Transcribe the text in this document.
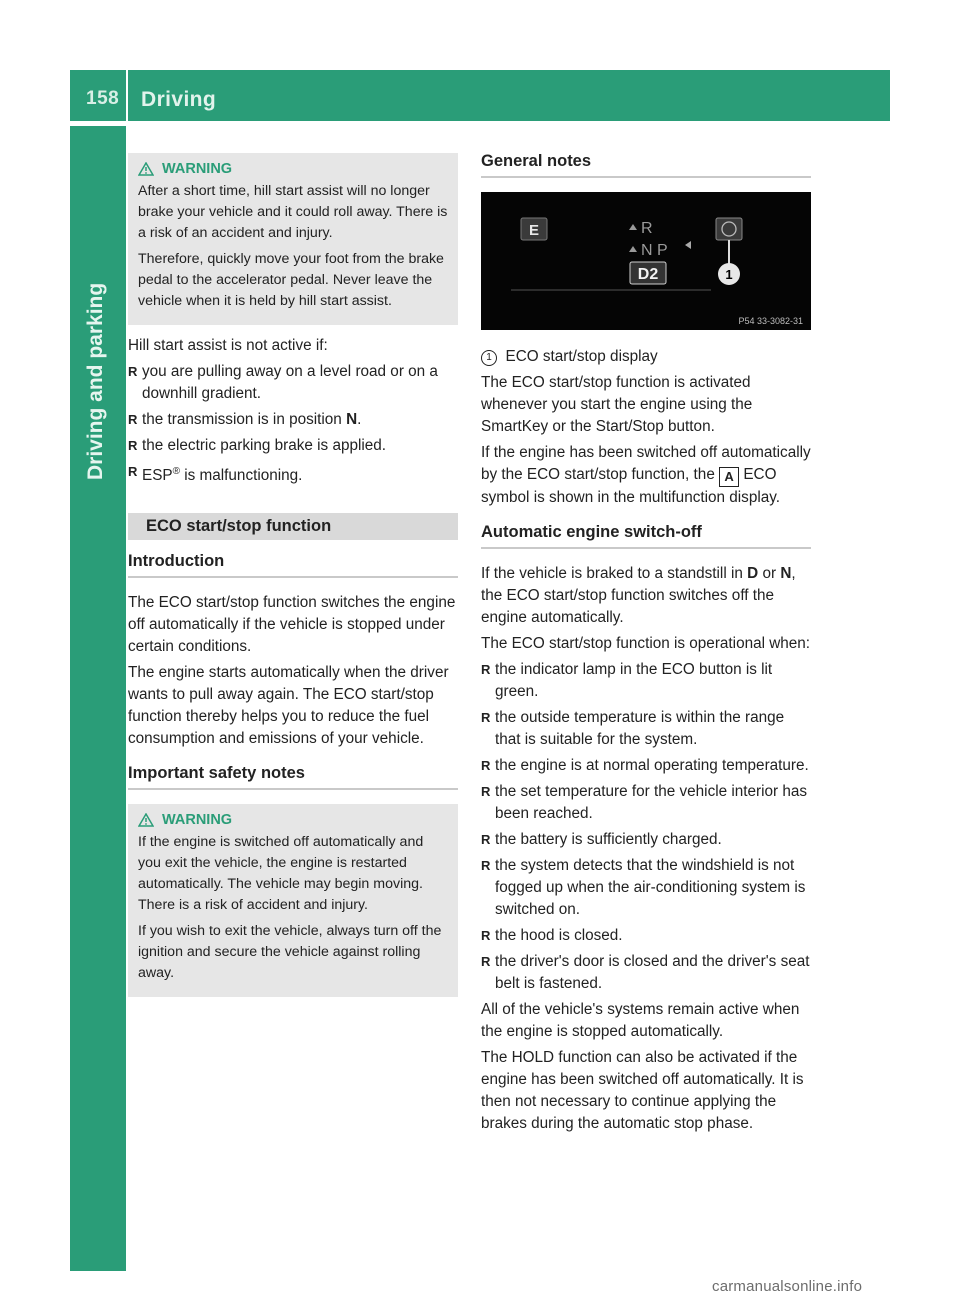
158 Driving
Driving and parking
WARNING

After a short time, hill start assist will no longer brake your vehicle and it could roll away. There is a risk of an accident and injury.

Therefore, quickly move your foot from the brake pedal to the accelerator pedal. Never leave the vehicle when it is held by hill start assist.

Hill start assist is not active if:

R you are pulling away on a level road or on a downhill gradient.
R the transmission is in position N.
R the electric parking brake is applied.
R ESP® is malfunctioning.
ECO start/stop function
Introduction

The ECO start/stop function switches the engine off automatically if the vehicle is stopped under certain conditions.

The engine starts automatically when the driver wants to pull away again. The ECO start/stop function thereby helps you to reduce the fuel consumption and emissions of your vehicle.

Important safety notes
WARNING

If the engine is switched off automatically and you exit the vehicle, the engine is restarted automatically. The vehicle may begin moving. There is a risk of accident and injury.

If you wish to exit the vehicle, always turn off the ignition and secure the vehicle against rolling away.

General notes
E	R
N P
D2	1
P54 33-3082-31

1 ECO start/stop display

The ECO start/stop function is activated whenever you start the engine using the SmartKey or the Start/Stop button.

If the engine has been switched off automatically by the ECO start/stop function, the A ECO symbol is shown in the multifunction display.

Automatic engine switch-off

If the vehicle is braked to a standstill in D or N, the ECO start/stop function switches off the engine automatically.

The ECO start/stop function is operational when:

R the indicator lamp in the ECO button is lit green.
R the outside temperature is within the range that is suitable for the system.
R the engine is at normal operating temperature.
R the set temperature for the vehicle interior has been reached.
R the battery is sufficiently charged.
R the system detects that the windshield is not fogged up when the air-conditioning system is switched on.
R the hood is closed.
R the driver's door is closed and the driver's seat belt is fastened.

All of the vehicle's systems remain active when the engine is stopped automatically.

The HOLD function can also be activated if the engine has been switched off automatically. It is then not necessary to continue applying the brakes during the automatic stop phase.

carmanualsonline.info
